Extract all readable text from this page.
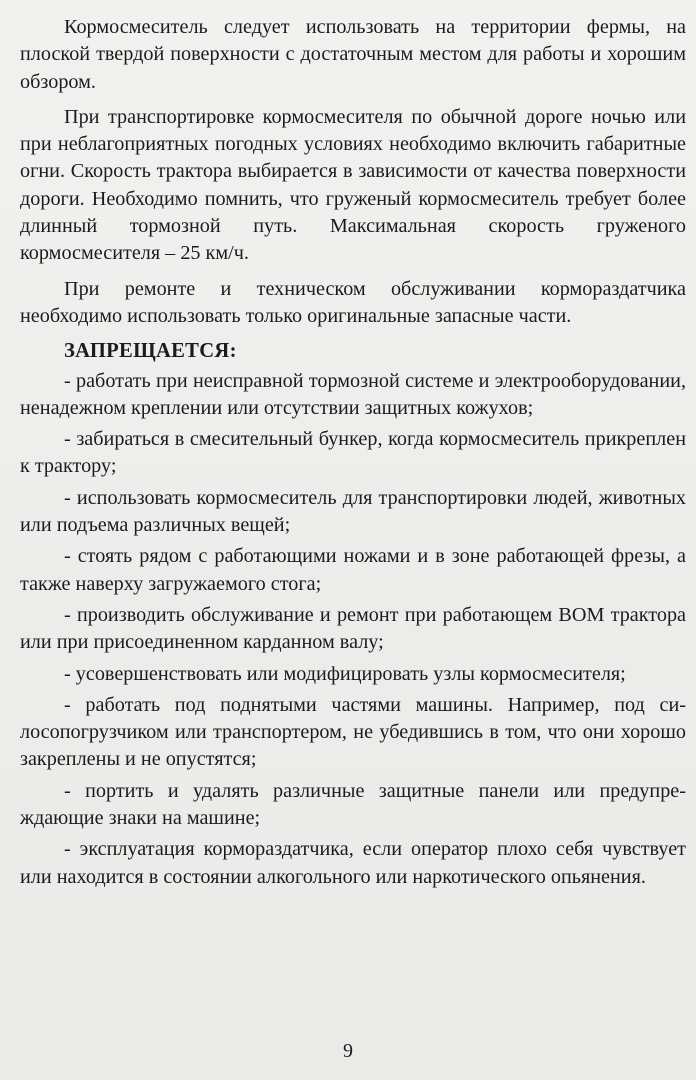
Кормосмеситель следует использовать на территории фермы, на плоской твердой поверхности с достаточным местом для работы и хорошим обзором.

При транспортировке кормосмесителя по обычной дороге ночью или при неблагоприятных погодных условиях необходимо включить габаритные огни. Скорость трактора выбирается в зависимости от качества поверхности дороги. Необходимо помнить, что груженый кормосмеситель требует более длинный тормозной путь. Максимальная скорость груженого кормосмесителя – 25 км/ч.

При ремонте и техническом обслуживании кормораздатчика необходимо использовать только оригинальные запасные части.

ЗАПРЕЩАЕТСЯ:

- работать при неисправной тормозной системе и электрооборудовании, ненадежном креплении или отсутствии защитных кожухов;

- забираться в смесительный бункер, когда кормосмеситель прикреплен к трактору;

- использовать кормосмеситель для транспортировки людей, животных или подъема различных вещей;

- стоять рядом с работающими ножами и в зоне работающей фрезы, а также наверху загружаемого стога;

- производить обслуживание и ремонт при работающем ВОМ трактора или при присоединенном карданном валу;

- усовершенствовать или модифицировать узлы кормосмесителя;

- работать под поднятыми частями машины. Например, под силосопогрузчиком или транспортером, не убедившись в том, что они хорошо закреплены и не опустятся;

- портить и удалять различные защитные панели или предупреждающие знаки на машине;

- эксплуатация кормораздатчика, если оператор плохо себя чувствует или находится в состоянии алкогольного или наркотического опьянения.

9
